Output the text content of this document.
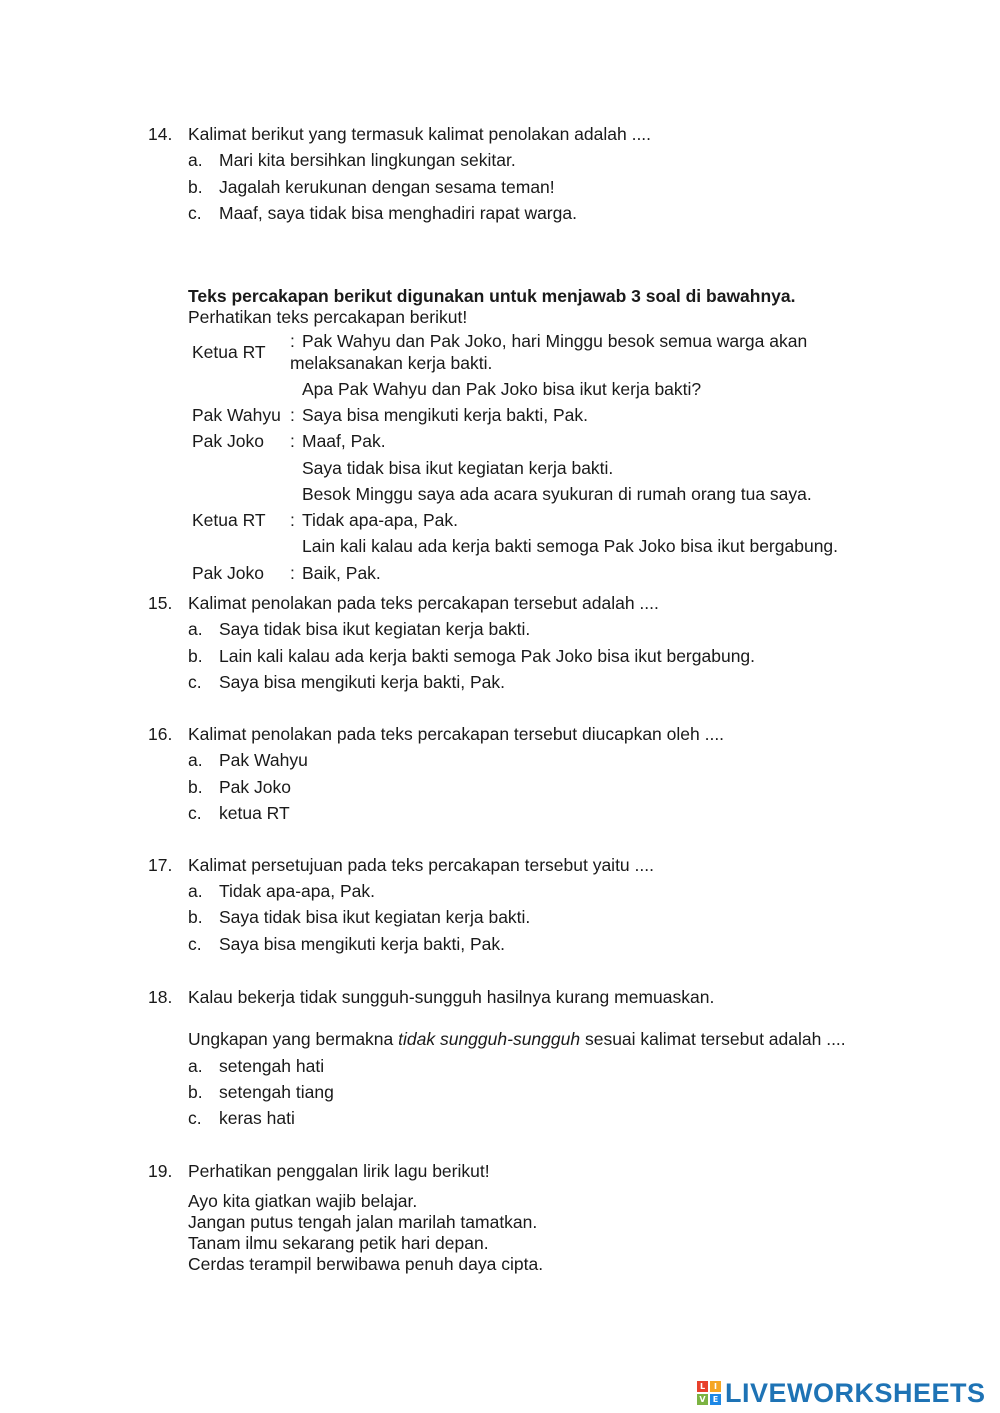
14. Kalimat berikut yang termasuk kalimat penolakan adalah ....
a. Mari kita bersihkan lingkungan sekitar.
b. Jagalah kerukunan dengan sesama teman!
c. Maaf, saya tidak bisa menghadiri rapat warga.
Teks percakapan berikut digunakan untuk menjawab 3 soal di bawahnya.
Perhatikan teks percakapan berikut!
Ketua RT
: Pak Wahyu dan Pak Joko, hari Minggu besok semua warga akan
melaksanakan kerja bakti.
Apa Pak Wahyu dan Pak Joko bisa ikut kerja bakti?
Pak Wahyu : Saya bisa mengikuti kerja bakti, Pak.
Pak Joko : Maaf, Pak.
Saya tidak bisa ikut kegiatan kerja bakti.
Besok Minggu saya ada acara syukuran di rumah orang tua saya.
Ketua RT : Tidak apa-apa, Pak.
Lain kali kalau ada kerja bakti semoga Pak Joko bisa ikut bergabung.
Pak Joko : Baik, Pak.
15. Kalimat penolakan pada teks percakapan tersebut adalah ....
a. Saya tidak bisa ikut kegiatan kerja bakti.
b. Lain kali kalau ada kerja bakti semoga Pak Joko bisa ikut bergabung.
c. Saya bisa mengikuti kerja bakti, Pak.
16. Kalimat penolakan pada teks percakapan tersebut diucapkan oleh ....
a. Pak Wahyu
b. Pak Joko
c. ketua RT
17. Kalimat persetujuan pada teks percakapan tersebut yaitu ....
a. Tidak apa-apa, Pak.
b. Saya tidak bisa ikut kegiatan kerja bakti.
c. Saya bisa mengikuti kerja bakti, Pak.
18. Kalau bekerja tidak sungguh-sungguh hasilnya kurang memuaskan.
Ungkapan yang bermakna tidak sungguh-sungguh sesuai kalimat tersebut adalah ....
a. setengah hati
b. setengah tiang
c. keras hati
19. Perhatikan penggalan lirik lagu berikut!
Ayo kita giatkan wajib belajar.
Jangan putus tengah jalan marilah tamatkan.
Tanam ilmu sekarang petik hari depan.
Cerdas terampil berwibawa penuh daya cipta.
L	I
V E LIVEWORKSHEETS
